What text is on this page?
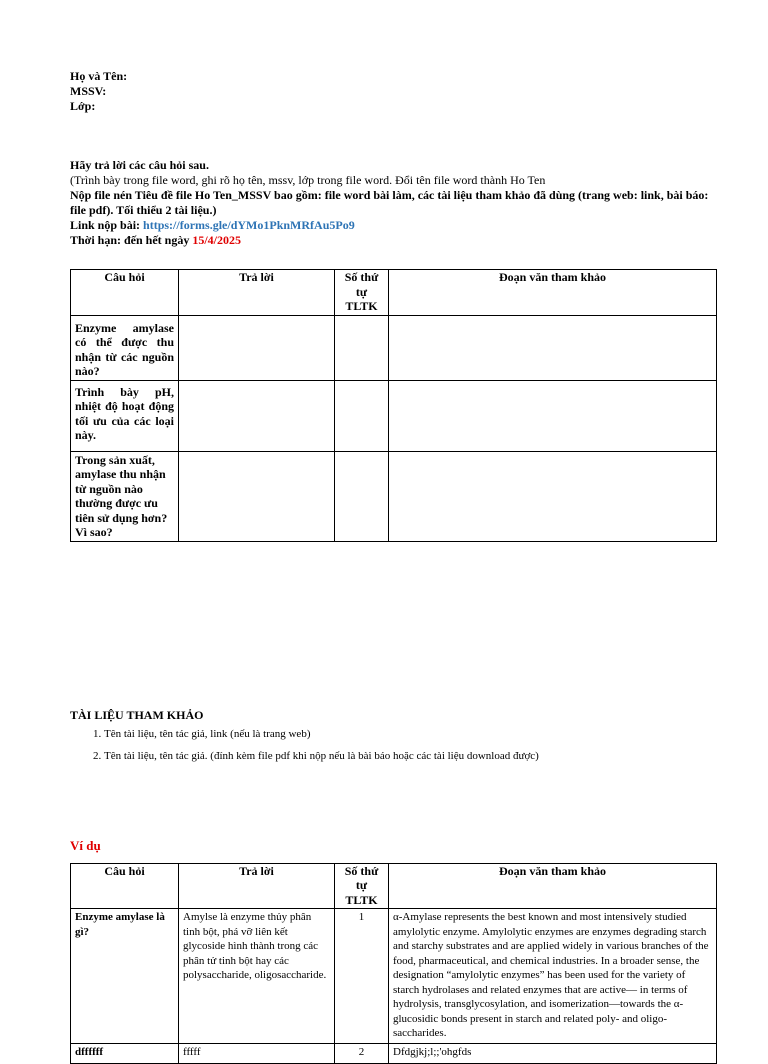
Họ và Tên:

MSSV:

Lớp:

Hãy trả lời các câu hỏi sau.

(Trình bày trong file word, ghi rõ họ tên, mssv, lớp trong file word. Đổi tên file word thành Ho Ten

Nộp file nén Tiêu đề file Ho Ten_MSSV bao gồm: file word bài làm, các tài liệu tham khảo đã dùng (trang web: link, bài báo: file pdf). Tối thiểu 2 tài liệu.)

Link nộp bài: https://forms.gle/dYMo1PknMRfAu5Po9

Thời hạn: đến hết ngày 15/4/2025

Câu hỏi	Trả lời	Số thứ tự TLTK	Đoạn văn tham khảo
Enzyme amylase có thể được thu nhận từ các nguồn nào?			
Trình bày pH, nhiệt độ hoạt động tối ưu của các loại này.			
Trong sản xuất, amylase thu nhận từ nguồn nào thường được ưu tiên sử dụng hơn? Vì sao?			

TÀI LIỆU THAM KHẢO

1. Tên tài liệu, tên tác giả, link (nếu là trang web)
2. Tên tài liệu, tên tác giả. (đính kèm file pdf khi nộp nếu là bài báo hoặc các tài liệu download được)

Ví dụ

Câu hỏi	Trả lời	Số thứ tự TLTK	Đoạn văn tham khảo
Enzyme amylase là gì?	Amylse là enzyme thủy phân tinh bột, phá vỡ liên kết glycoside hình thành trong các phân tử tinh bột hay các polysaccharide, oligosaccharide.	1	α-Amylase represents the best known and most intensively studied amylolytic enzyme. Amylolytic enzymes are enzymes degrading starch and starchy substrates and are applied widely in various branches of the food, pharmaceutical, and chemical industries. In a broader sense, the designation “amylolytic enzymes” has been used for the variety of starch hydrolases and related enzymes that are active— in terms of hydrolysis, transglycosylation, and isomerization—towards the α-glucosidic bonds present in starch and related poly- and oligo-saccharides.
dffffff	fffff	2	Dfdgjkj;l;;'ohgfds
